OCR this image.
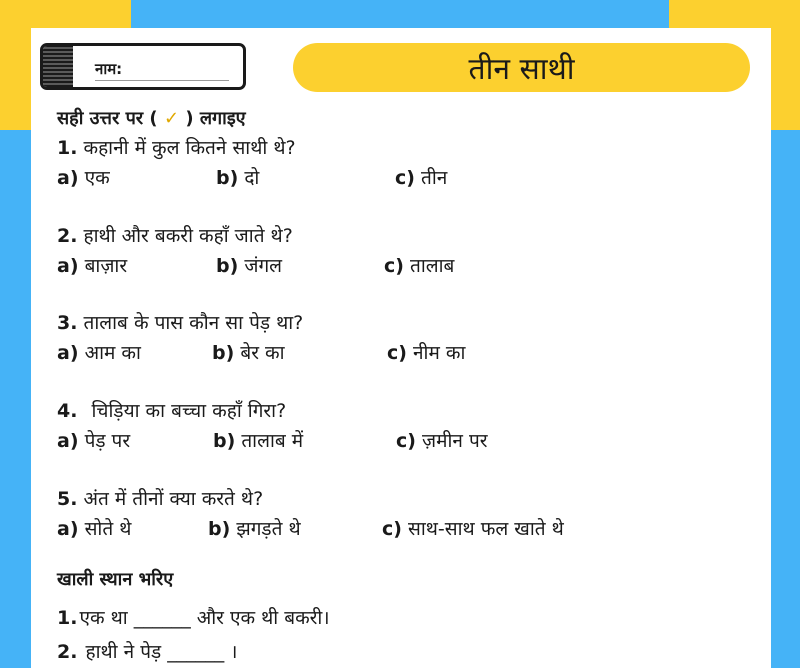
नाम:	तीन साथी
सही उत्तर पर ( ✓ ) लगाइए
1. कहानी में कुल कितने साथी थे?
a) एक	b) दो	c) तीन
2. हाथी और बकरी कहाँ जाते थे?
a) बाज़ार	b) जंगल	c) तालाब
3. तालाब के पास कौन सा पेड़ था?
a) आम का	b) बेर का	c) नीम का
4. चिड़िया का बच्चा कहाँ गिरा?
a) पेड़ पर	b) तालाब में	c) ज़मीन पर
5. अंत में तीनों क्या करते थे?
a) सोते थे	b) झगड़ते थे	c) साथ-साथ फल खाते थे
खाली स्थान भरिए
1. एक था ______ और एक थी बकरी।
2. हाथी ने पेड़ ______ ।
